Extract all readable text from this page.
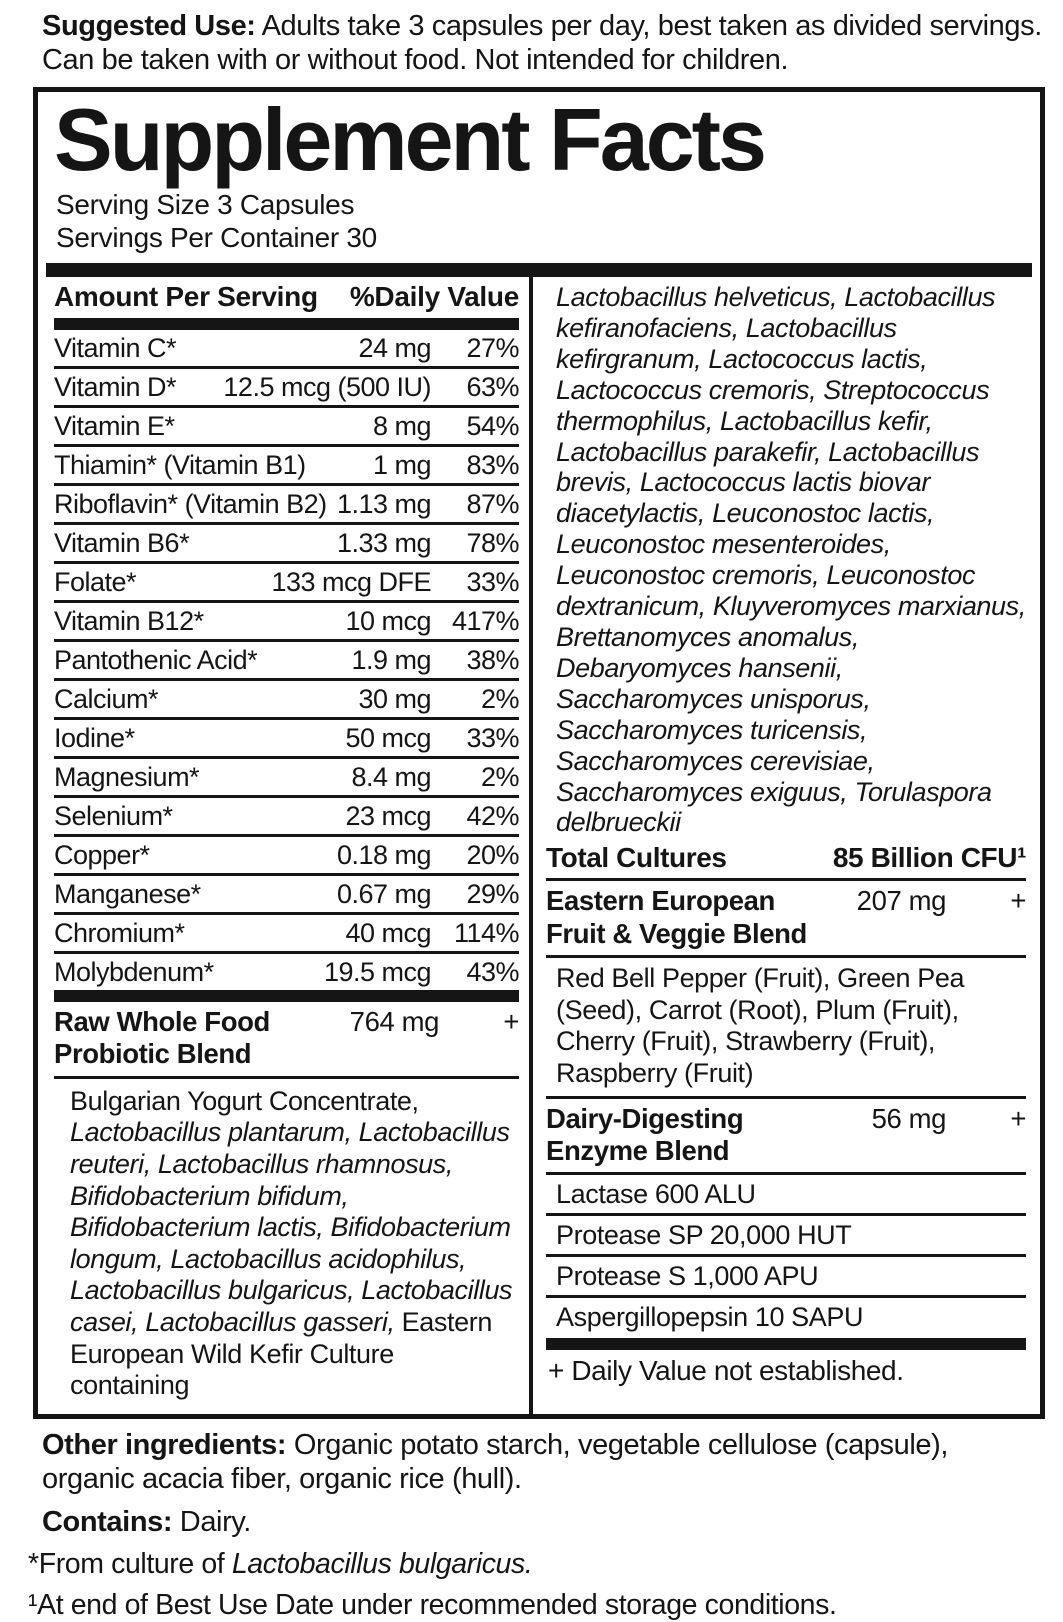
Suggested Use: Adults take 3 capsules per day, best taken as divided servings. Can be taken with or without food. Not intended for children.

Supplement Facts
Serving Size 3 Capsules
Servings Per Container 30
Amount Per Serving %Daily Value
Vitamin C*	24 mg	27%
Vitamin D* 12.5 mcg (500 IU)	63%
Vitamin E*	8 mg	54%
Thiamin* (Vitamin B1) 1 mg	83%
Riboflavin* (Vitamin B2) 1.13 mg	87%
Vitamin B6*	1.33 mg	78%
Folate*	133 mcg DFE	33%
Vitamin B12*	10 mcg 417%
Pantothenic Acid*	1.9 mg	38%
Calcium*	30 mg	2%
Iodine*	50 mcg	33%
Magnesium*	8.4 mg	2%
Selenium*	23 mcg	42%
Copper*	0.18 mg	20%
Manganese*	0.67 mg	29%
Chromium*	40 mcg 114%
Molybdenum*	19.5 mcg	43%
Raw Whole Food
Probiotic Blend
764 mg	+
Bulgarian Yogurt Concentrate, Lactobacillus plantarum, Lactobacillus reuteri, Lactobacillus rhamnosus, Bifidobacterium bifidum, Bifidobacterium lactis, Bifidobacterium longum, Lactobacillus acidophilus, Lactobacillus bulgaricus, Lactobacillus casei, Lactobacillus gasseri, Eastern European Wild Kefir Culture containing
Lactobacillus helveticus, Lactobacillus kefiranofaciens, Lactobacillus kefirgranum, Lactococcus lactis, Lactococcus cremoris, Streptococcus thermophilus, Lactobacillus kefir, Lactobacillus parakefir, Lactobacillus brevis, Lactococcus lactis biovar diacetylactis, Leuconostoc lactis, Leuconostoc mesenteroides, Leuconostoc cremoris, Leuconostoc dextranicum, Kluyveromyces marxianus, Brettanomyces anomalus, Debaryomyces hansenii, Saccharomyces unisporus, Saccharomyces turicensis, Saccharomyces cerevisiae, Saccharomyces exiguus, Torulaspora delbrueckii
Total Cultures	85 Billion CFU¹
Eastern European
Fruit & Veggie Blend
207 mg	+
Red Bell Pepper (Fruit), Green Pea (Seed), Carrot (Root), Plum (Fruit), Cherry (Fruit), Strawberry (Fruit), Raspberry (Fruit)
Dairy-Digesting
Enzyme Blend
56 mg	+
Lactase 600 ALU
Protease SP 20,000 HUT
Protease S 1,000 APU
Aspergillopepsin 10 SAPU
+ Daily Value not established.

Other ingredients: Organic potato starch, vegetable cellulose (capsule), organic acacia fiber, organic rice (hull).

Contains: Dairy.

*From culture of Lactobacillus bulgaricus.

¹At end of Best Use Date under recommended storage conditions.
